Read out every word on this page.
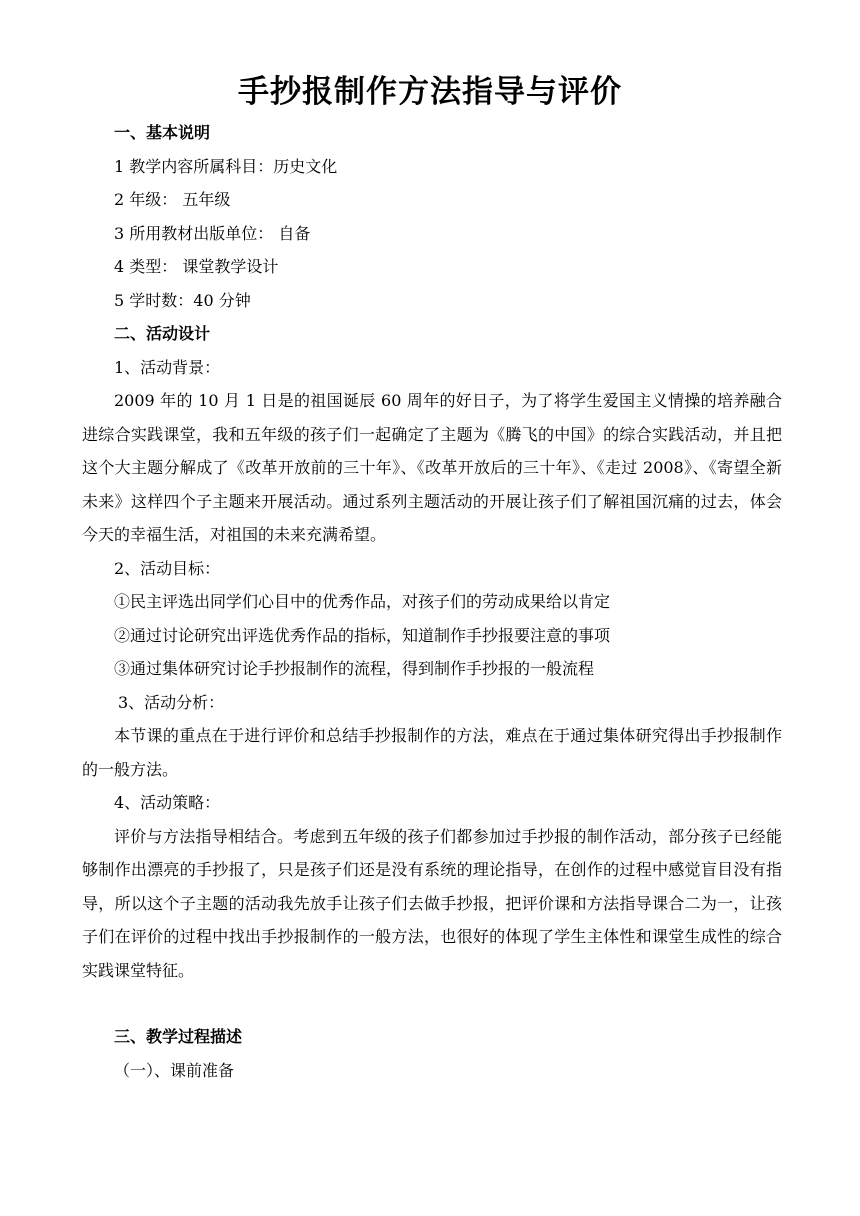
手抄报制作方法指导与评价

一、基本说明

1 教学内容所属科目：历史文化

2 年级： 五年级

3 所用教材出版单位： 自备

4 类型： 课堂教学设计

5 学时数：40 分钟

二、活动设计

1、活动背景：

2009 年的 10 月 1 日是的祖国诞辰 60 周年的好日子，为了将学生爱国主义情操的培养融合进综合实践课堂，我和五年级的孩子们一起确定了主题为《腾飞的中国》的综合实践活动，并且把这个大主题分解成了《改革开放前的三十年》、《改革开放后的三十年》、《走过 2008》、《寄望全新未来》这样四个子主题来开展活动。通过系列主题活动的开展让孩子们了解祖国沉痛的过去，体会今天的幸福生活，对祖国的未来充满希望。

2、活动目标：

①民主评选出同学们心目中的优秀作品，对孩子们的劳动成果给以肯定

②通过讨论研究出评选优秀作品的指标，知道制作手抄报要注意的事项

③通过集体研究讨论手抄报制作的流程，得到制作手抄报的一般流程

3、活动分析：

本节课的重点在于进行评价和总结手抄报制作的方法，难点在于通过集体研究得出手抄报制作的一般方法。

4、活动策略：

评价与方法指导相结合。考虑到五年级的孩子们都参加过手抄报的制作活动，部分孩子已经能够制作出漂亮的手抄报了，只是孩子们还是没有系统的理论指导，在创作的过程中感觉盲目没有指导，所以这个子主题的活动我先放手让孩子们去做手抄报，把评价课和方法指导课合二为一，让孩子们在评价的过程中找出手抄报制作的一般方法，也很好的体现了学生主体性和课堂生成性的综合实践课堂特征。

三、教学过程描述

（一）、课前准备
